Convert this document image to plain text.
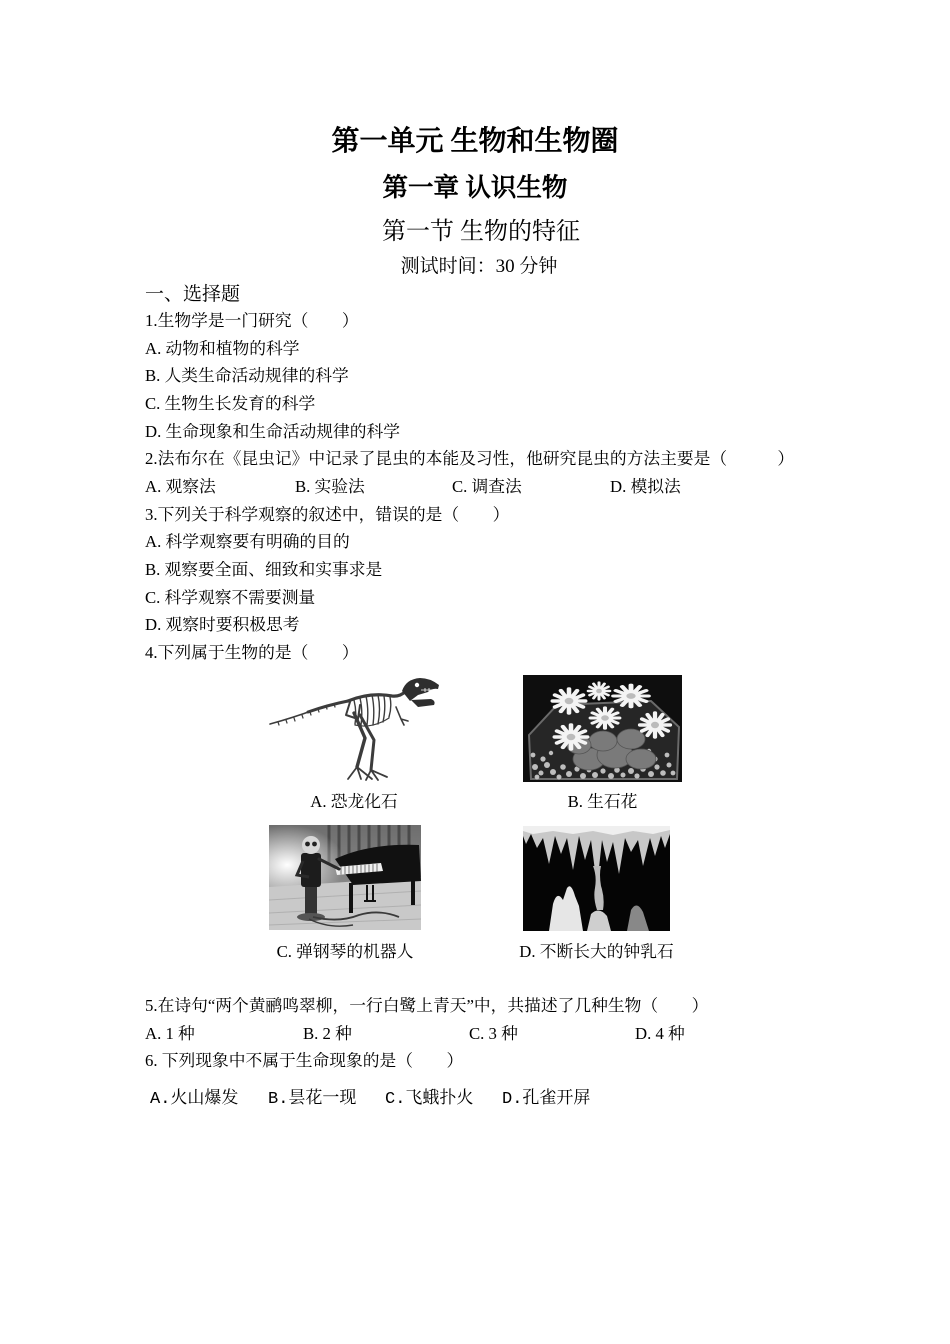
第一单元 生物和生物圈
第一章 认识生物
第一节 生物的特征
测试时间：30 分钟
一、选择题
1.生物学是一门研究（　　）
A. 动物和植物的科学
B. 人类生命活动规律的科学
C. 生物生长发育的科学
D. 生命现象和生命活动规律的科学
2.法布尔在《昆虫记》中记录了昆虫的本能及习性，他研究昆虫的方法主要是（　　　）
A. 观察法	B. 实验法	C. 调查法	D. 模拟法
3.下列关于科学观察的叙述中，错误的是（　　）
A. 科学观察要有明确的目的
B. 观察要全面、细致和实事求是
C. 科学观察不需要测量
D. 观察时要积极思考
4.下列属于生物的是（　　）
A. 恐龙化石	B. 生石花
C. 弹钢琴的机器人	D. 不断长大的钟乳石
5.在诗句“两个黄鹂鸣翠柳，一行白鹭上青天”中，共描述了几种生物（　　）
A. 1 种	B. 2 种	C. 3 种	D. 4 种
6. 下列现象中不属于生命现象的是（　　）
A.火山爆发	B.昙花一现	C.飞蛾扑火	D.孔雀开屏
